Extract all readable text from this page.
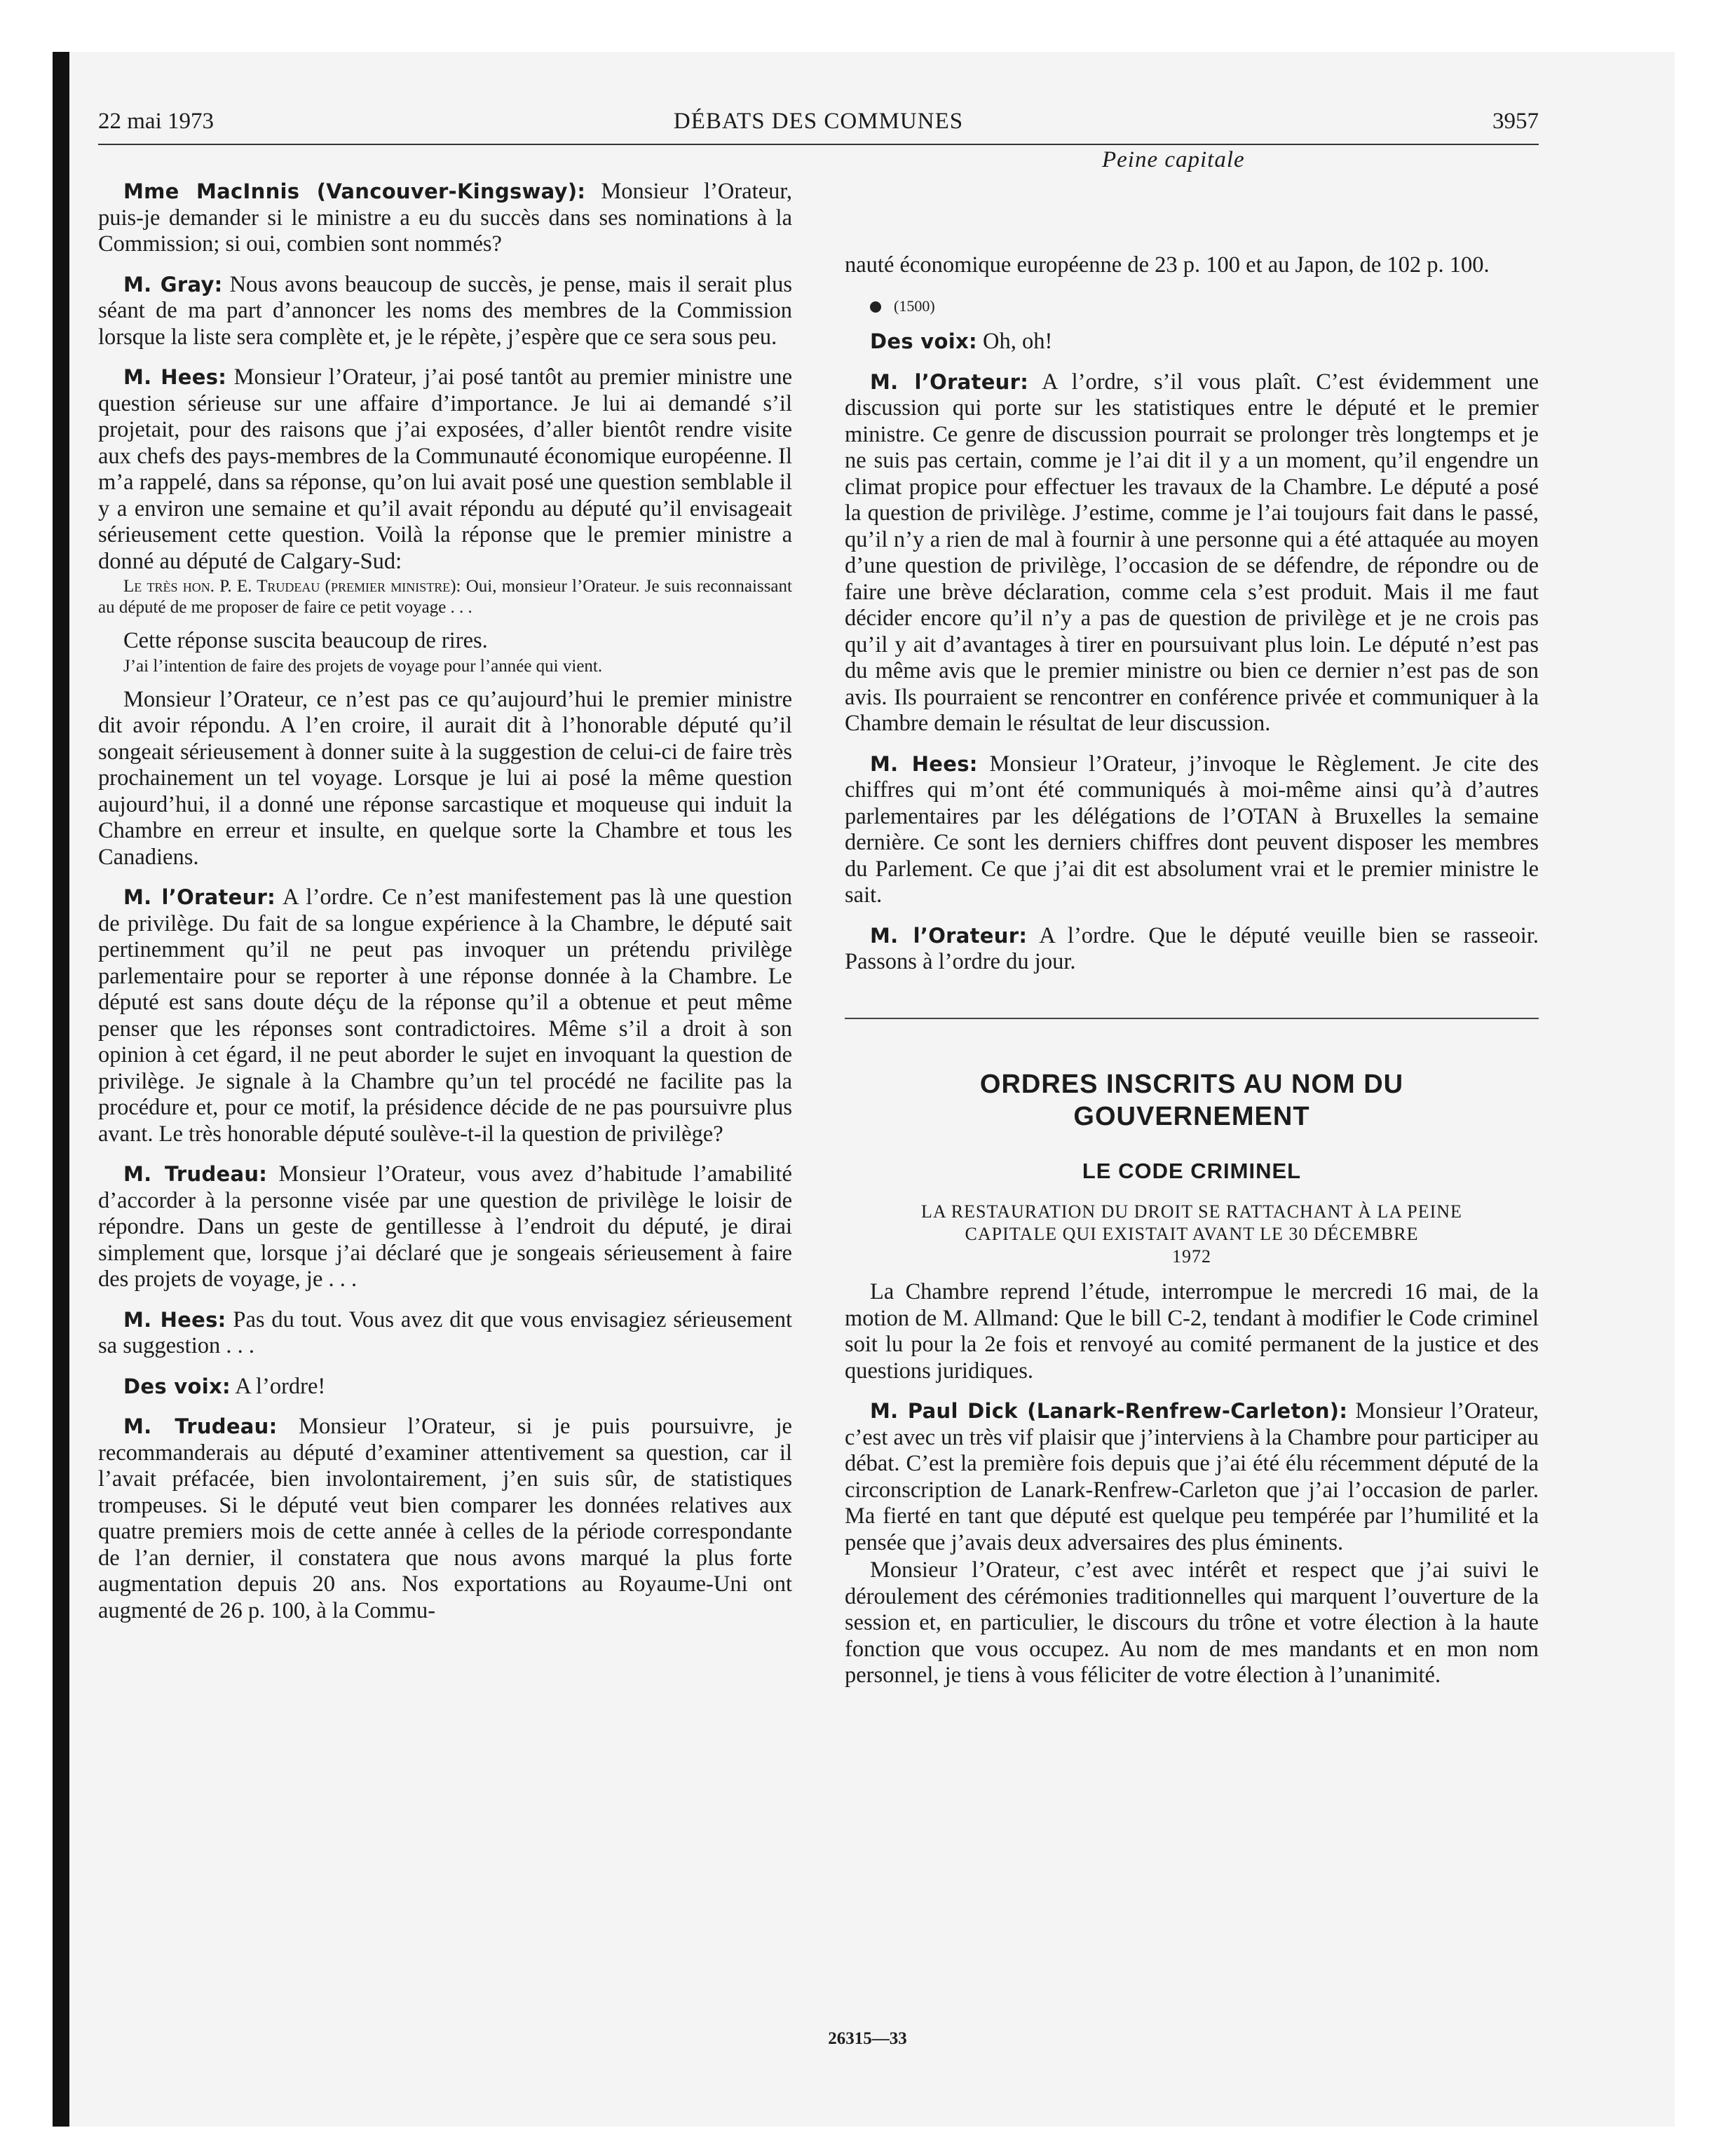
22 mai 1973	DÉBATS DES COMMUNES	3957
Peine capitale

Mme MacInnis (Vancouver-Kingsway): Monsieur l’Orateur, puis-je demander si le ministre a eu du succès dans ses nominations à la Commission; si oui, combien sont nommés?

M. Gray: Nous avons beaucoup de succès, je pense, mais il serait plus séant de ma part d’annoncer les noms des membres de la Commission lorsque la liste sera complète et, je le répète, j’espère que ce sera sous peu.

M. Hees: Monsieur l’Orateur, j’ai posé tantôt au premier ministre une question sérieuse sur une affaire d’importance. Je lui ai demandé s’il projetait, pour des raisons que j’ai exposées, d’aller bientôt rendre visite aux chefs des pays-membres de la Communauté économique européenne. Il m’a rappelé, dans sa réponse, qu’on lui avait posé une question semblable il y a environ une semaine et qu’il avait répondu au député qu’il envisageait sérieusement cette question. Voilà la réponse que le premier ministre a donné au député de Calgary-Sud:

Le très hon. P. E. Trudeau (premier ministre): Oui, monsieur l’Orateur. Je suis reconnaissant au député de me proposer de faire ce petit voyage . . .

Cette réponse suscita beaucoup de rires.

J’ai l’intention de faire des projets de voyage pour l’année qui vient.

Monsieur l’Orateur, ce n’est pas ce qu’aujourd’hui le premier ministre dit avoir répondu. A l’en croire, il aurait dit à l’honorable député qu’il songeait sérieusement à donner suite à la suggestion de celui-ci de faire très prochainement un tel voyage. Lorsque je lui ai posé la même question aujourd’hui, il a donné une réponse sarcastique et moqueuse qui induit la Chambre en erreur et insulte, en quelque sorte la Chambre et tous les Canadiens.

M. l’Orateur: A l’ordre. Ce n’est manifestement pas là une question de privilège. Du fait de sa longue expérience à la Chambre, le député sait pertinemment qu’il ne peut pas invoquer un prétendu privilège parlementaire pour se reporter à une réponse donnée à la Chambre. Le député est sans doute déçu de la réponse qu’il a obtenue et peut même penser que les réponses sont contradictoires. Même s’il a droit à son opinion à cet égard, il ne peut aborder le sujet en invoquant la question de privilège. Je signale à la Chambre qu’un tel procédé ne facilite pas la procédure et, pour ce motif, la présidence décide de ne pas poursuivre plus avant. Le très honorable député soulève-t-il la question de privilège?

M. Trudeau: Monsieur l’Orateur, vous avez d’habitude l’amabilité d’accorder à la personne visée par une question de privilège le loisir de répondre. Dans un geste de gentillesse à l’endroit du député, je dirai simplement que, lorsque j’ai déclaré que je songeais sérieusement à faire des projets de voyage, je . . .

M. Hees: Pas du tout. Vous avez dit que vous envisagiez sérieusement sa suggestion . . .

Des voix: A l’ordre!

M. Trudeau: Monsieur l’Orateur, si je puis poursuivre, je recommanderais au député d’examiner attentivement sa question, car il l’avait préfacée, bien involontairement, j’en suis sûr, de statistiques trompeuses. Si le député veut bien comparer les données relatives aux quatre premiers mois de cette année à celles de la période correspondante de l’an dernier, il constatera que nous avons marqué la plus forte augmentation depuis 20 ans. Nos exportations au Royaume-Uni ont augmenté de 26 p. 100, à la Commu-

nauté économique européenne de 23 p. 100 et au Japon, de 102 p. 100.

(1500)

Des voix: Oh, oh!

M. l’Orateur: A l’ordre, s’il vous plaît. C’est évidemment une discussion qui porte sur les statistiques entre le député et le premier ministre. Ce genre de discussion pourrait se prolonger très longtemps et je ne suis pas certain, comme je l’ai dit il y a un moment, qu’il engendre un climat propice pour effectuer les travaux de la Chambre. Le député a posé la question de privilège. J’estime, comme je l’ai toujours fait dans le passé, qu’il n’y a rien de mal à fournir à une personne qui a été attaquée au moyen d’une question de privilège, l’occasion de se défendre, de répondre ou de faire une brève déclaration, comme cela s’est produit. Mais il me faut décider encore qu’il n’y a pas de question de privilège et je ne crois pas qu’il y ait d’avantages à tirer en poursuivant plus loin. Le député n’est pas du même avis que le premier ministre ou bien ce dernier n’est pas de son avis. Ils pourraient se rencontrer en conférence privée et communiquer à la Chambre demain le résultat de leur discussion.

M. Hees: Monsieur l’Orateur, j’invoque le Règlement. Je cite des chiffres qui m’ont été communiqués à moi-même ainsi qu’à d’autres parlementaires par les délégations de l’OTAN à Bruxelles la semaine dernière. Ce sont les derniers chiffres dont peuvent disposer les membres du Parlement. Ce que j’ai dit est absolument vrai et le premier ministre le sait.

M. l’Orateur: A l’ordre. Que le député veuille bien se rasseoir. Passons à l’ordre du jour.

ORDRES INSCRITS AU NOM DU
GOUVERNEMENT
LE CODE CRIMINEL
LA RESTAURATION DU DROIT SE RATTACHANT À LA PEINE CAPITALE QUI EXISTAIT AVANT LE 30 DÉCEMBRE
1972

La Chambre reprend l’étude, interrompue le mercredi 16 mai, de la motion de M. Allmand: Que le bill C-2, tendant à modifier le Code criminel soit lu pour la 2e fois et renvoyé au comité permanent de la justice et des questions juridiques.

M. Paul Dick (Lanark-Renfrew-Carleton): Monsieur l’Orateur, c’est avec un très vif plaisir que j’interviens à la Chambre pour participer au débat. C’est la première fois depuis que j’ai été élu récemment député de la circonscription de Lanark-Renfrew-Carleton que j’ai l’occasion de parler. Ma fierté en tant que député est quelque peu tempérée par l’humilité et la pensée que j’avais deux adversaires des plus éminents.

Monsieur l’Orateur, c’est avec intérêt et respect que j’ai suivi le déroulement des cérémonies traditionnelles qui marquent l’ouverture de la session et, en particulier, le discours du trône et votre élection à la haute fonction que vous occupez. Au nom de mes mandants et en mon nom personnel, je tiens à vous féliciter de votre élection à l’unanimité.

26315—33
